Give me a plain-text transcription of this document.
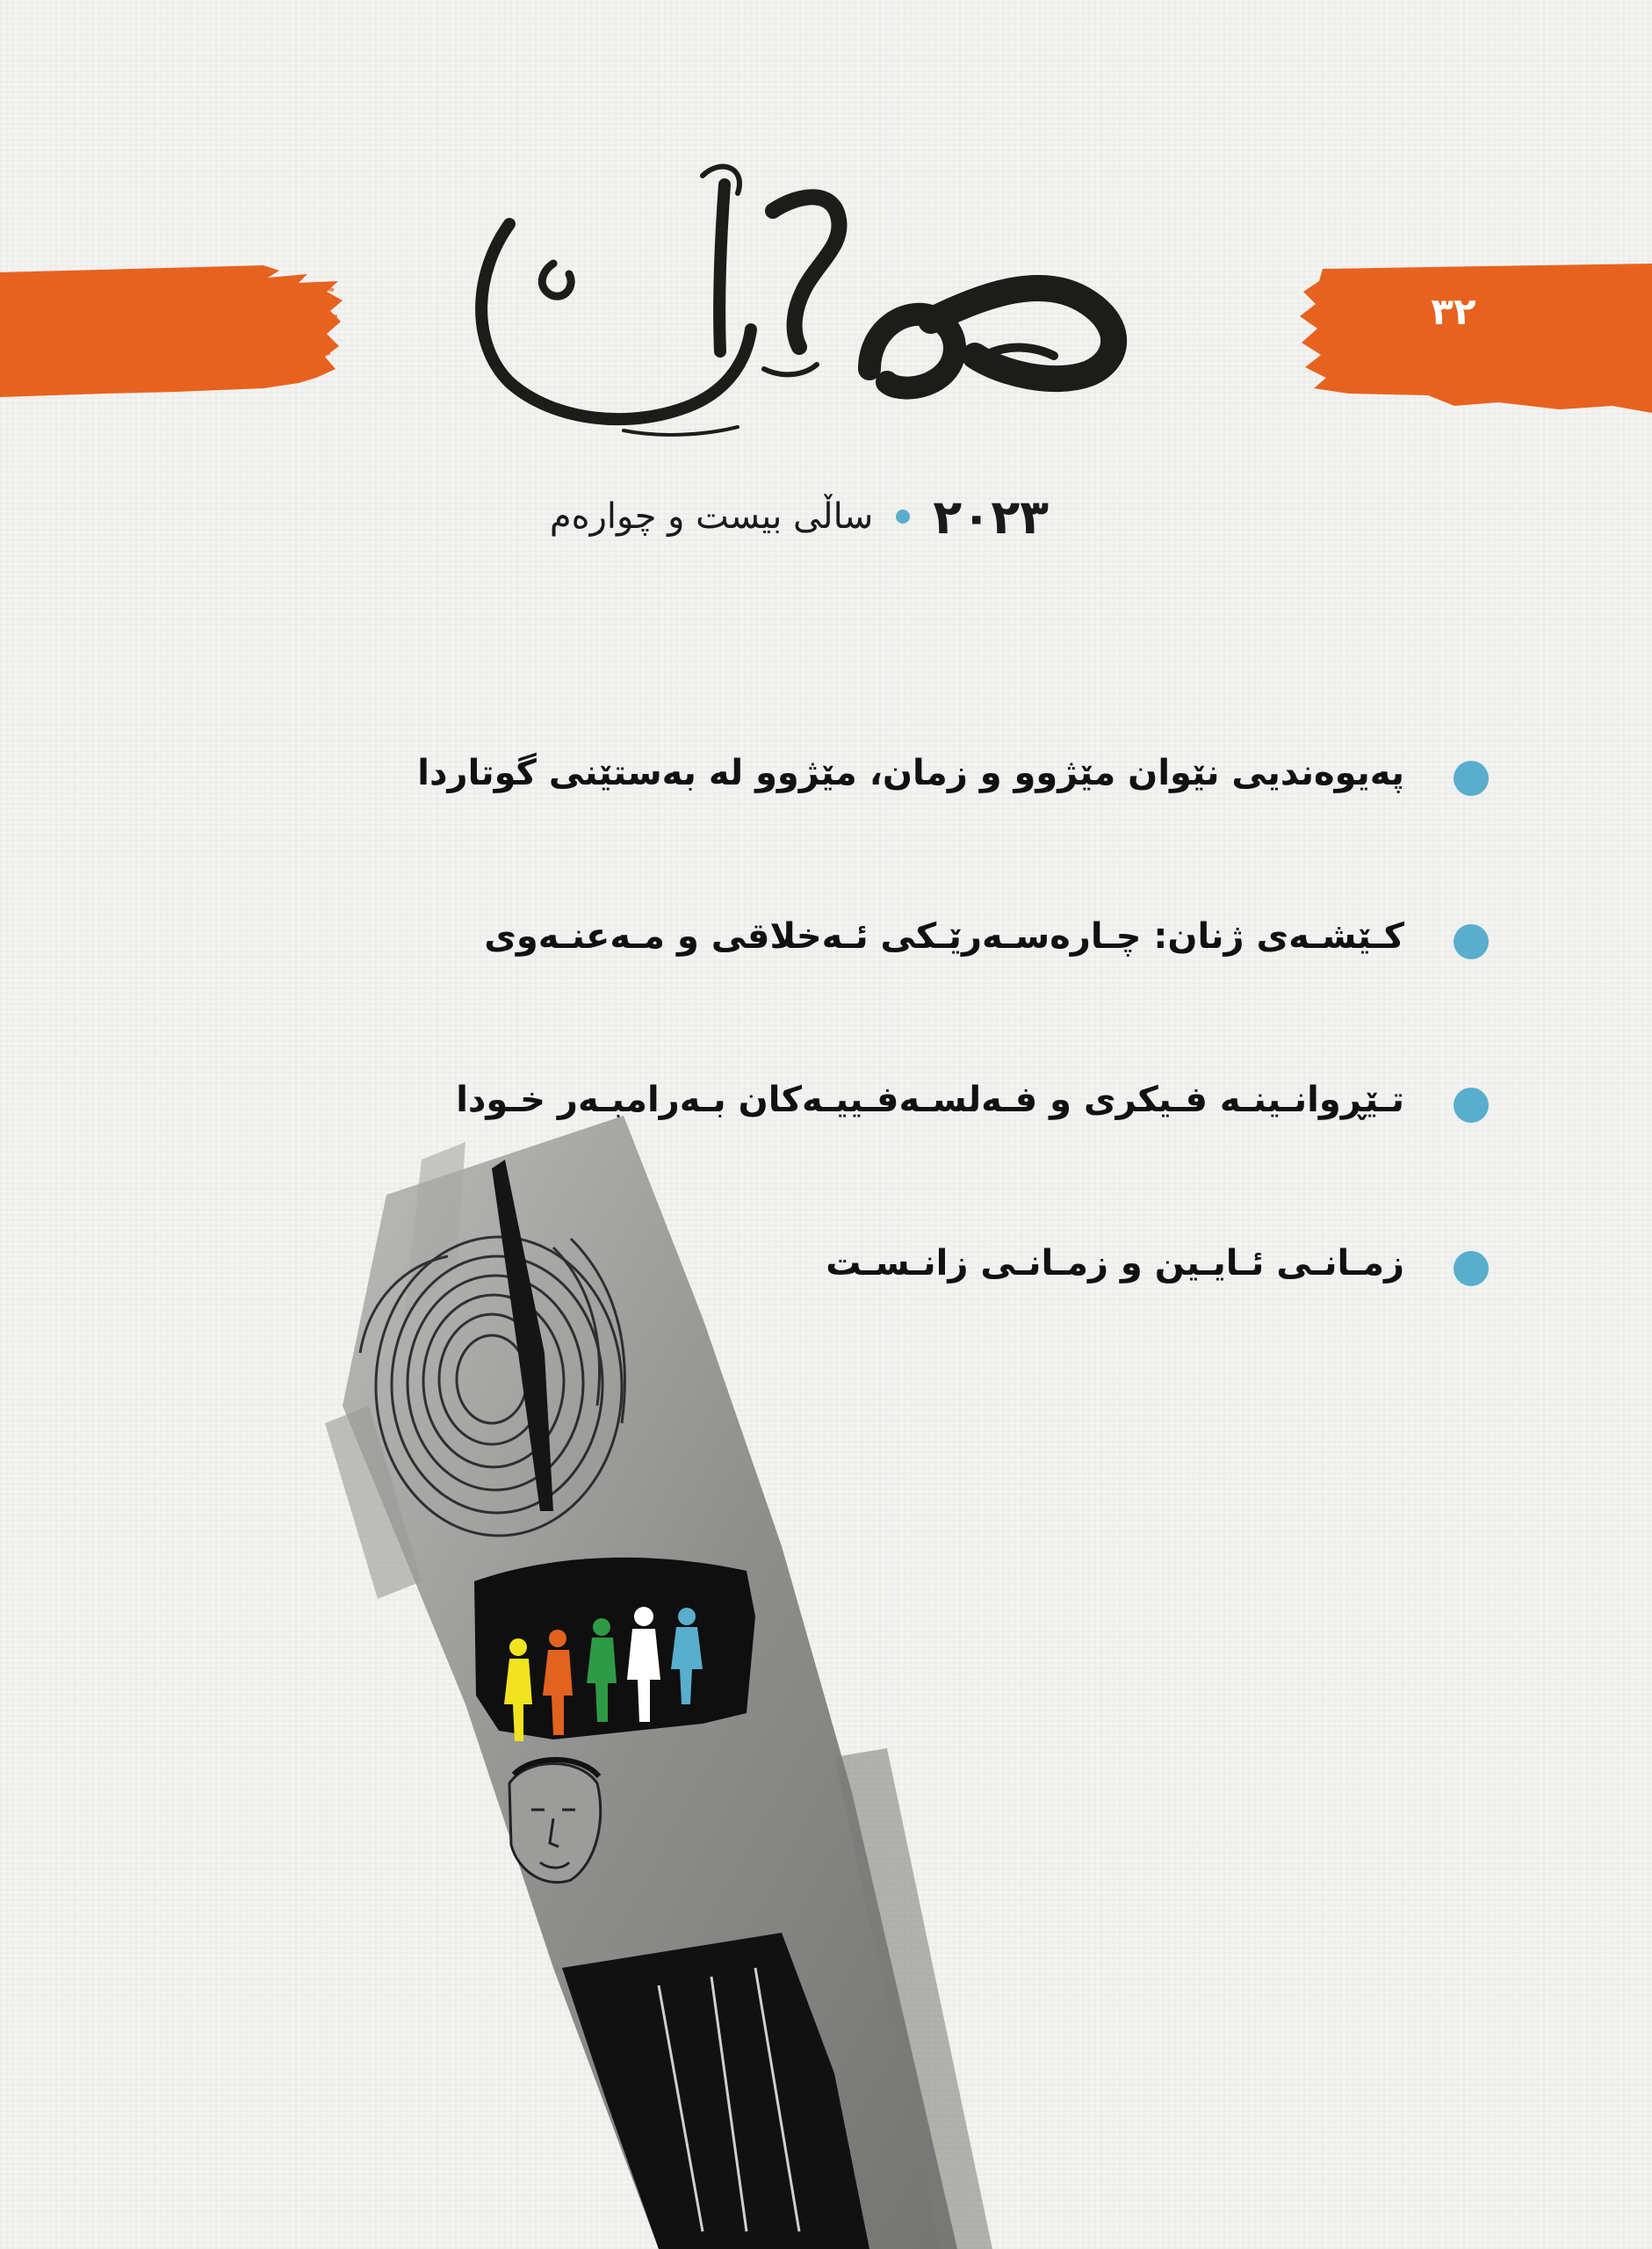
٣٢
٢٠٢٣
ساڵی بیست و چوارەم
پەیوەندیی نێوان مێژوو و زمان، مێژوو لە بەستێنی گوتاردا
کـێشـەی ژنان: چـارەسـەرێـکی ئـەخلاقی و مـەعنـەوی
تـێڕوانـینـە فـیکری و فـەلسـەفـییـەکان بـەرامبـەر خـودا
زمـانـی ئـایـین و زمـانـی زانـسـت
